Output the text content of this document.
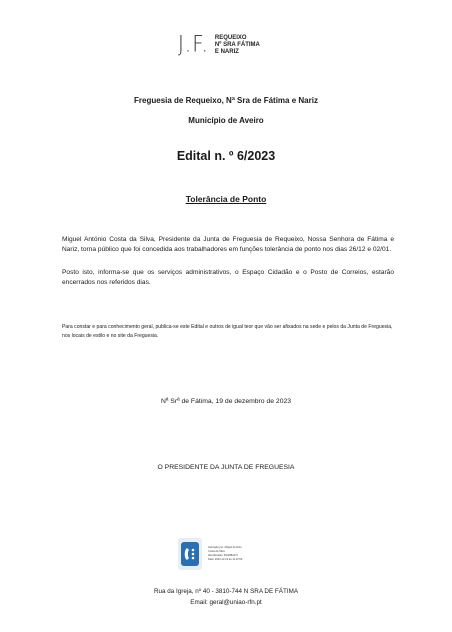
J.F. REQUEIXO
Nº SRA FÁTIMA
E NARIZ
Freguesia de Requeixo, Nª Sra de Fátima e Nariz
Município de Aveiro
Edital n. º 6/2023
Tolerância de Ponto
Miguel António Costa da Silva, Presidente da Junta de Freguesia de Requeixo, Nossa Senhora de Fátima e Nariz, torna público que foi concedida aos trabalhadores em funções tolerância de ponto nos dias 26/12 e 02/01.
Posto isto, informa-se que os serviços administrativos, o Espaço Cidadão e o Posto de Correios, estarão encerrados nos referidos dias.
Para constar e para conhecimento geral, publica-se este Edital e outros de igual teor que vão ser afixados na sede e pelos da Junta de Freguesia, nos locais de estilo e no site da Freguesia.
Nª Srª de Fátima, 19 de dezembro de 2023
O PRESIDENTE DA JUNTA DE FREGUESIA
Assinado por: Miguel António
Costa da Silva
Identificação: BI10082471
Data: 2023-12-19 às 11:10:56
Rua da Igreja, nº 40 - 3810-744 N SRA DE FÁTIMA
Email: geral@uniao-rfn.pt
